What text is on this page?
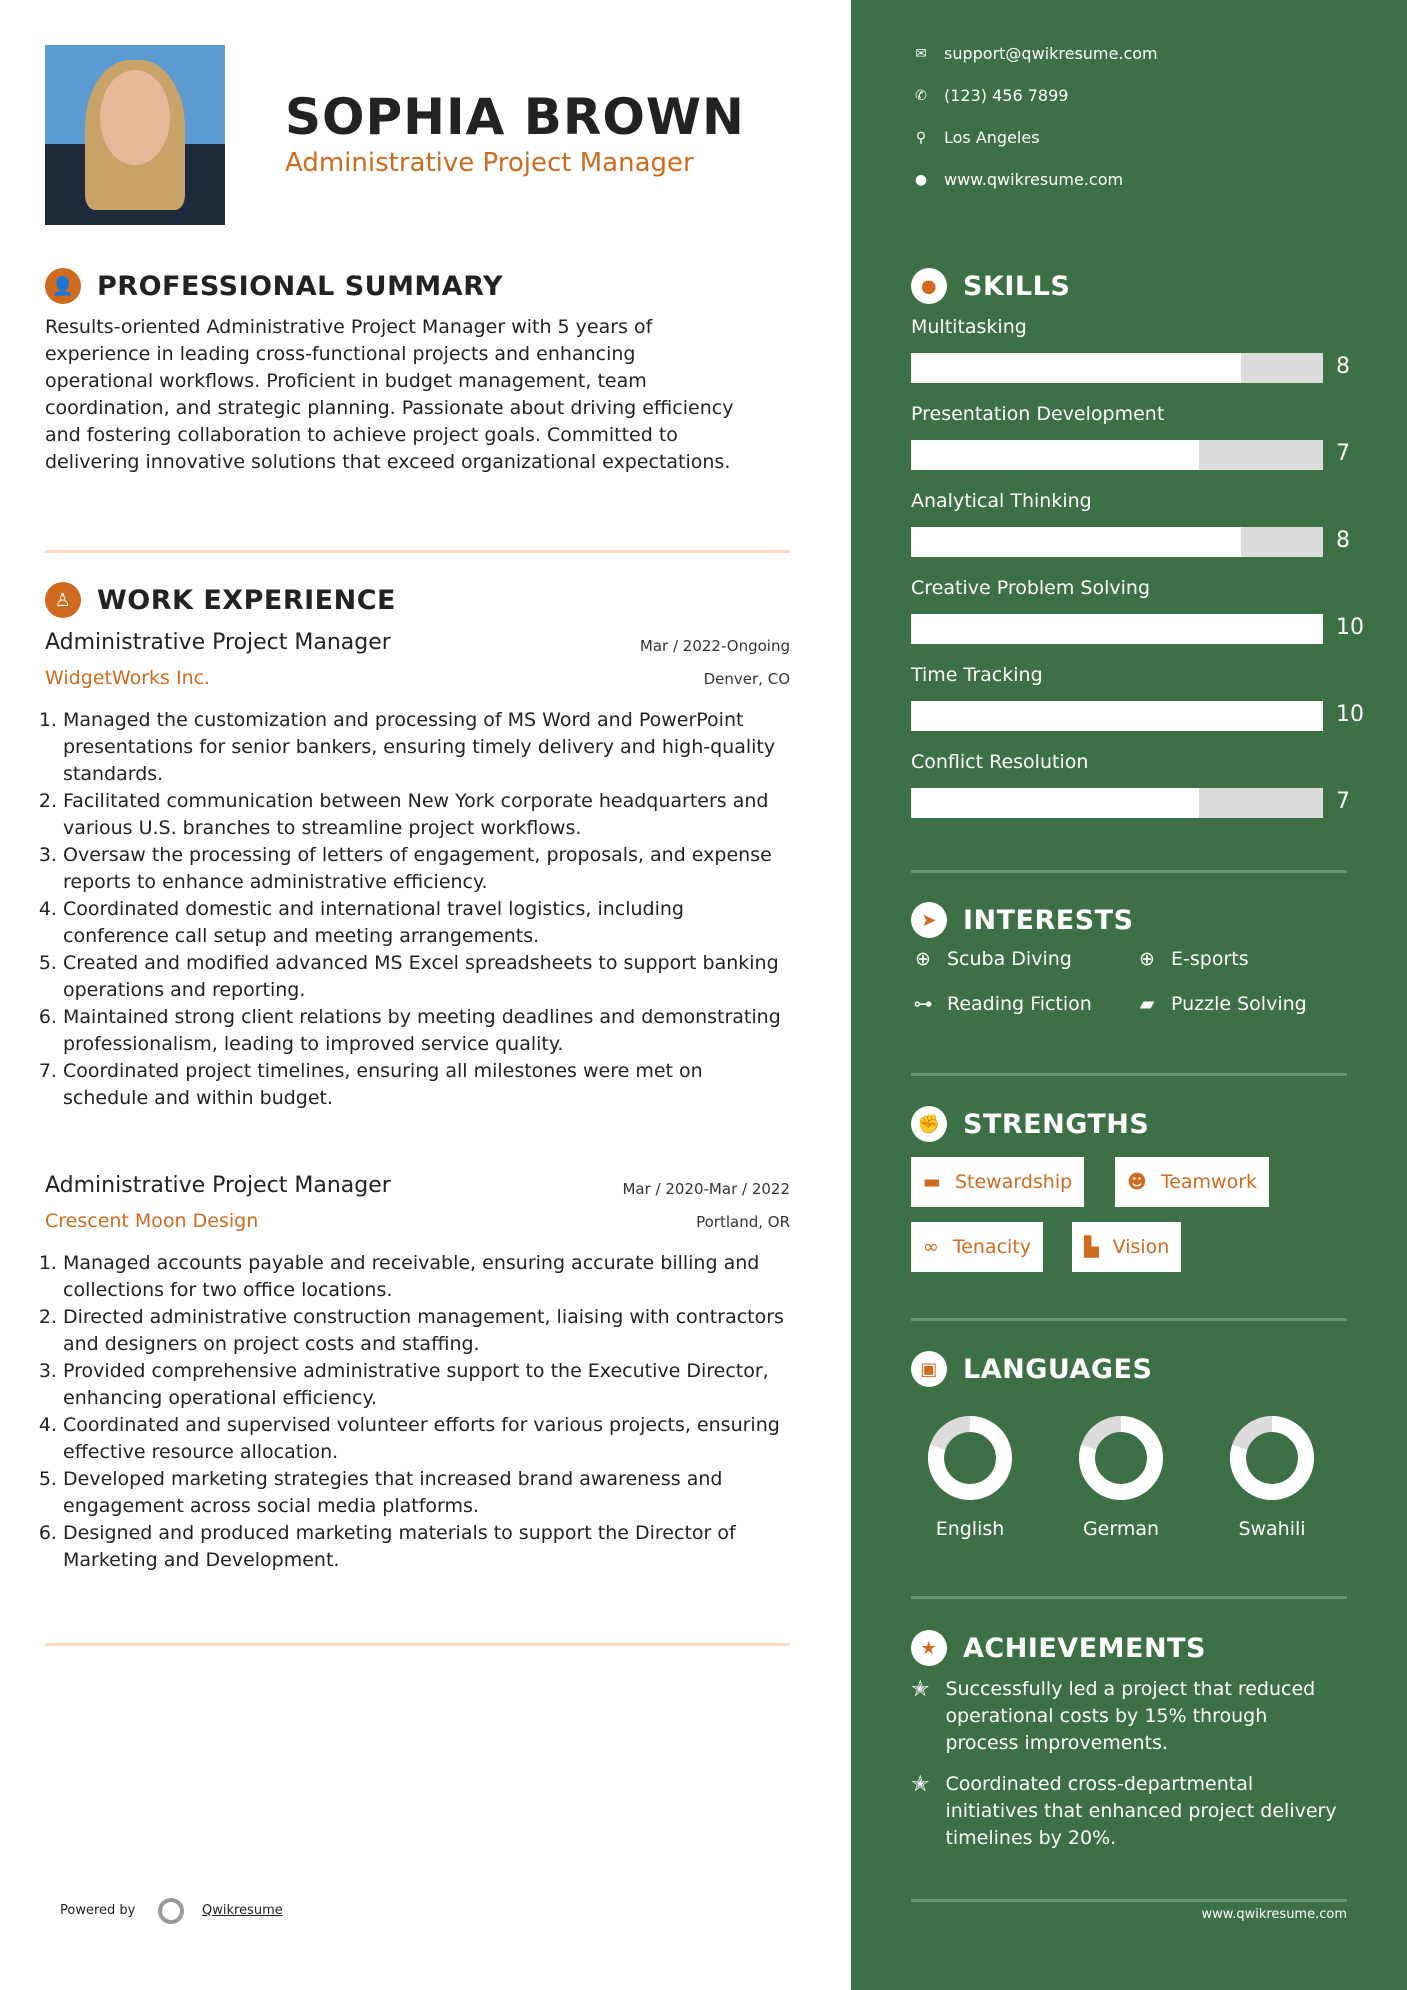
SOPHIA BROWN
Administrative Project Manager
👤 PROFESSIONAL SUMMARY
Results-oriented Administrative Project Manager with 5 years of experience in leading cross-functional projects and enhancing operational workflows. Proficient in budget management, team coordination, and strategic planning. Passionate about driving efficiency and fostering collaboration to achieve project goals. Committed to delivering innovative solutions that exceed organizational expectations.
♙ WORK EXPERIENCE
Powered by	Qwikresume
● SKILLS
➤ INTERESTS
✊ STRENGTHS
▣ LANGUAGES
★ ACHIEVEMENTS
www.qwikresume.com
✉ support@qwikresume.com
✆ (123) 456 7899
⚲ Los Angeles
● www.qwikresume.com
Administrative Project Manager	Mar / 2022-Ongoing
WidgetWorks Inc.	Denver, CO
1. Managed the customization and processing of MS Word and PowerPoint presentations for senior bankers, ensuring timely delivery and high-quality standards.
2. Facilitated communication between New York corporate headquarters and various U.S. branches to streamline project workflows.
3. Oversaw the processing of letters of engagement, proposals, and expense reports to enhance administrative efficiency.
4. Coordinated domestic and international travel logistics, including conference call setup and meeting arrangements.
5. Created and modified advanced MS Excel spreadsheets to support banking operations and reporting.
6. Maintained strong client relations by meeting deadlines and demonstrating professionalism, leading to improved service quality.
7. Coordinated project timelines, ensuring all milestones were met on schedule and within budget.
Administrative Project Manager	Mar / 2020-Mar / 2022
Crescent Moon Design	Portland, OR
1. Managed accounts payable and receivable, ensuring accurate billing and collections for two office locations.
2. Directed administrative construction management, liaising with contractors and designers on project costs and staffing.
3. Provided comprehensive administrative support to the Executive Director, enhancing operational efficiency.
4. Coordinated and supervised volunteer efforts for various projects, ensuring effective resource allocation.
5. Developed marketing strategies that increased brand awareness and engagement across social media platforms.
6. Designed and produced marketing materials to support the Director of Marketing and Development.
Multitasking
8
Presentation Development
7
Analytical Thinking
8
Creative Problem Solving
10
Time Tracking
10
Conflict Resolution
7
⊕ Scuba Diving	⊕ E-sports
⊶ Reading Fiction	▰ Puzzle Solving
▬ Stewardship	☻ Teamwork
∞ Tenacity	▙ Vision
English	German	Swahili
✭ Successfully led a project that reduced operational costs by 15% through process improvements.
✭ Coordinated cross-departmental initiatives that enhanced project delivery timelines by 20%.
